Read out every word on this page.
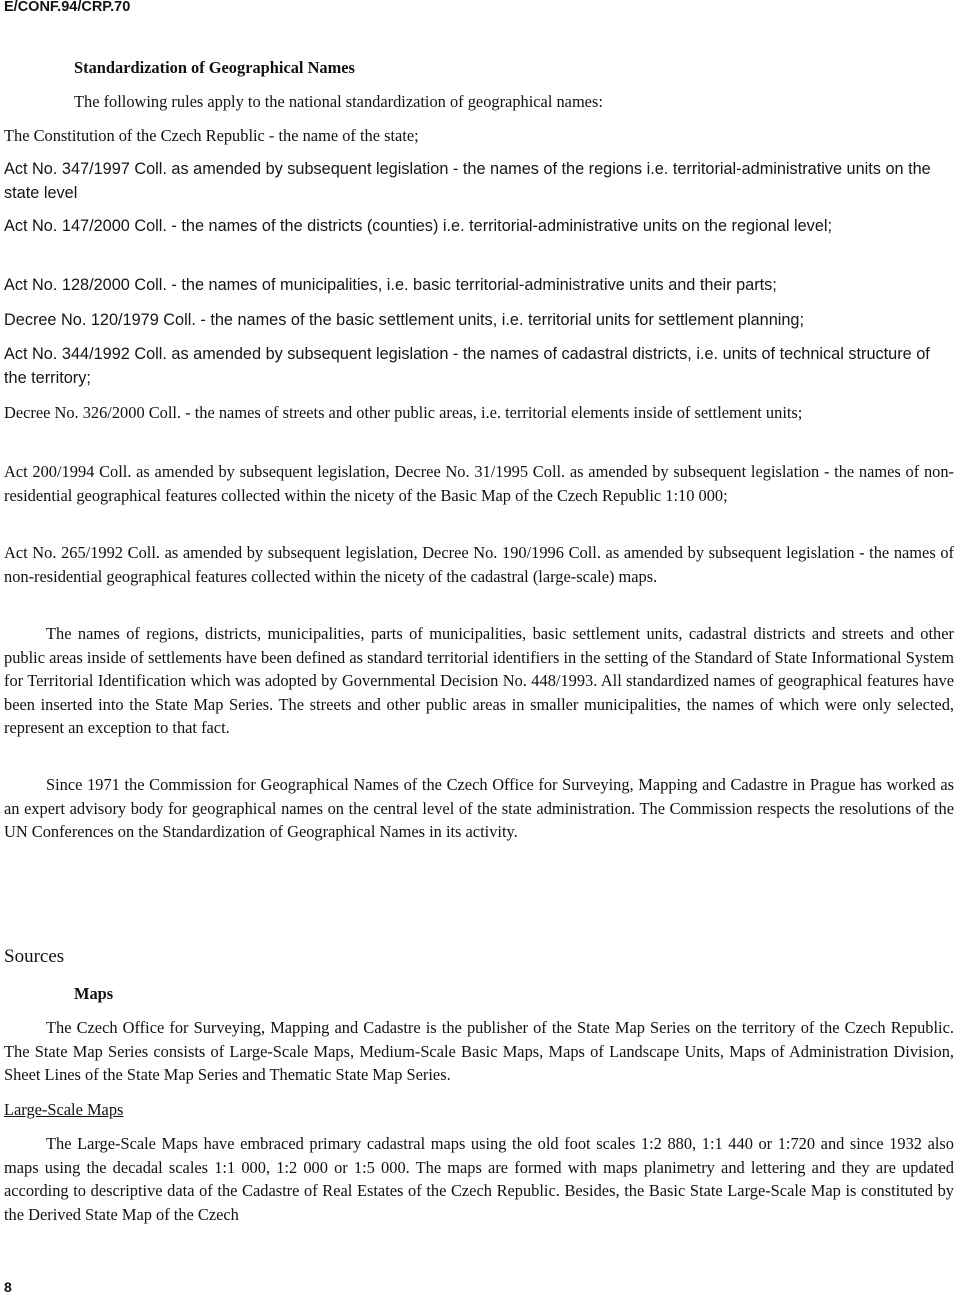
E/CONF.94/CRP.70
Standardization of Geographical Names
The following rules apply to the national standardization of geographical names:
The Constitution of the Czech Republic - the name of the state;
Act No. 347/1997 Coll. as amended by subsequent legislation - the names of the regions i.e. territorial-administrative units on the state level
Act No. 147/2000 Coll. - the names of the districts (counties) i.e. territorial-administrative units on the regional level;
Act No. 128/2000 Coll. - the names of municipalities, i.e. basic territorial-administrative units and their parts;
Decree No. 120/1979 Coll. - the names of the basic settlement units, i.e. territorial units for settlement planning;
Act No. 344/1992 Coll. as amended by subsequent legislation - the names of cadastral districts, i.e. units of technical structure of the territory;
Decree No. 326/2000 Coll. - the names of streets and other public areas, i.e. territorial elements inside of settlement units;
Act 200/1994 Coll. as amended by subsequent legislation, Decree No. 31/1995 Coll. as amended by subsequent legislation - the names of non-residential geographical features collected within the nicety of the Basic Map of the Czech Republic 1:10 000;
Act No. 265/1992 Coll. as amended by subsequent legislation, Decree No. 190/1996 Coll. as amended by subsequent legislation - the names of non-residential geographical features collected within the nicety of the cadastral (large-scale) maps.
The names of regions, districts, municipalities, parts of municipalities, basic settlement units, cadastral districts and streets and other public areas inside of settlements have been defined as standard territorial identifiers in the setting of the Standard of State Informational System for Territorial Identification which was adopted by Governmental Decision No. 448/1993. All standardized names of geographical features have been inserted into the State Map Series. The streets and other public areas in smaller municipalities, the names of which were only selected, represent an exception to that fact.
Since 1971 the Commission for Geographical Names of the Czech Office for Surveying, Mapping and Cadastre in Prague has worked as an expert advisory body for geographical names on the central level of the state administration. The Commission respects the resolutions of the UN Conferences on the Standardization of Geographical Names in its activity.
Sources
Maps
The Czech Office for Surveying, Mapping and Cadastre is the publisher of the State Map Series on the territory of the Czech Republic. The State Map Series consists of Large-Scale Maps, Medium-Scale Basic Maps, Maps of Landscape Units, Maps of Administration Division, Sheet Lines of the State Map Series and Thematic State Map Series.
Large-Scale Maps
The Large-Scale Maps have embraced primary cadastral maps using the old foot scales 1:2 880, 1:1 440 or 1:720 and since 1932 also maps using the decadal scales 1:1 000, 1:2 000 or 1:5 000. The maps are formed with maps planimetry and lettering and they are updated according to descriptive data of the Cadastre of Real Estates of the Czech Republic. Besides, the Basic State Large-Scale Map is constituted by the Derived State Map of the Czech
8
